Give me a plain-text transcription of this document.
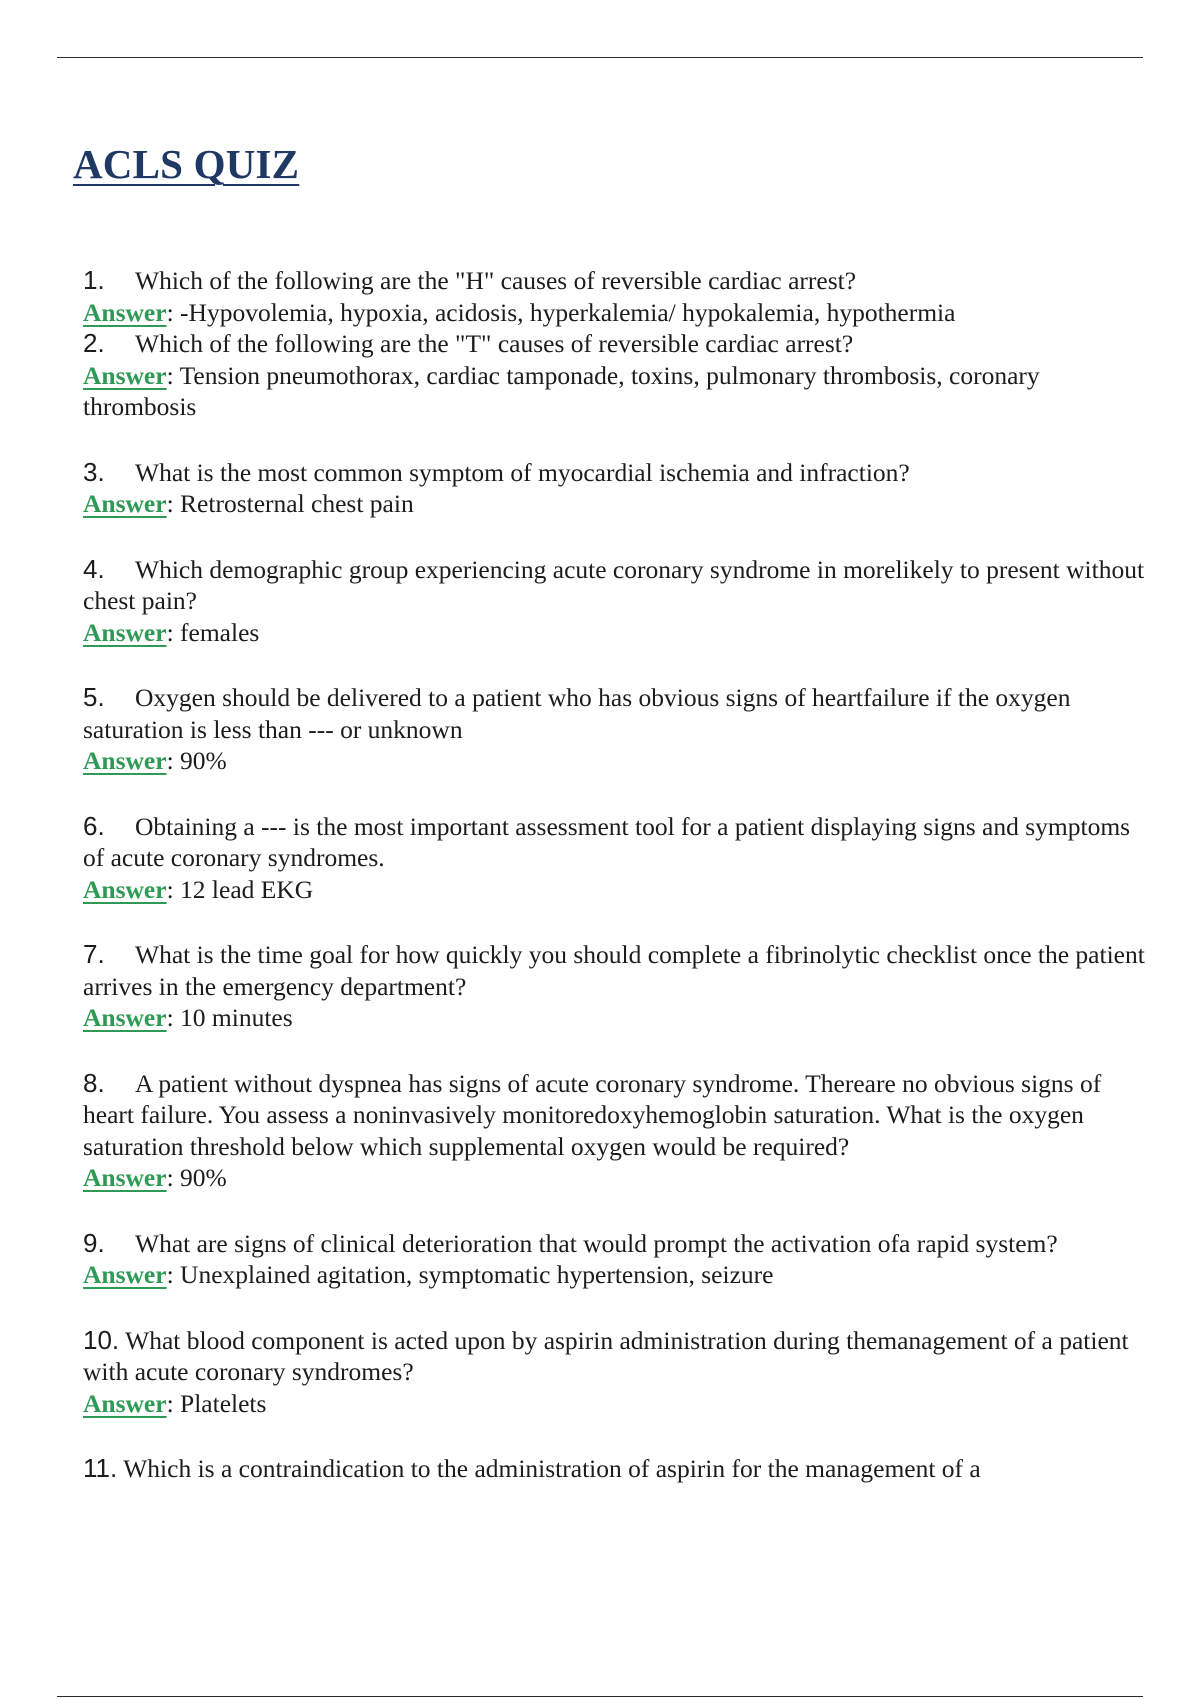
ACLS QUIZ

1. Which of the following are the "H" causes of reversible cardiac arrest?

Answer: -Hypovolemia, hypoxia, acidosis, hyperkalemia/ hypokalemia, hypothermia

2. Which of the following are the "T" causes of reversible cardiac arrest?

Answer: Tension pneumothorax, cardiac tamponade, toxins, pulmonary thrombosis, coronary thrombosis

3. What is the most common symptom of myocardial ischemia and infraction?

Answer: Retrosternal chest pain

4. Which demographic group experiencing acute coronary syndrome in morelikely to present without chest pain?

Answer: females

5. Oxygen should be delivered to a patient who has obvious signs of heartfailure if the oxygen saturation is less than --- or unknown

Answer: 90%

6. Obtaining a --- is the most important assessment tool for a patient displaying signs and symptoms of acute coronary syndromes.

Answer: 12 lead EKG

7. What is the time goal for how quickly you should complete a fibrinolytic checklist once the patient arrives in the emergency department?

Answer: 10 minutes

8. A patient without dyspnea has signs of acute coronary syndrome. Thereare no obvious signs of heart failure. You assess a noninvasively monitoredoxyhemoglobin saturation. What is the oxygen saturation threshold below which supplemental oxygen would be required?

Answer: 90%

9. What are signs of clinical deterioration that would prompt the activation ofa rapid system?

Answer: Unexplained agitation, symptomatic hypertension, seizure

10. What blood component is acted upon by aspirin administration during themanagement of a patient with acute coronary syndromes?

Answer: Platelets

11. Which is a contraindication to the administration of aspirin for the management of a
